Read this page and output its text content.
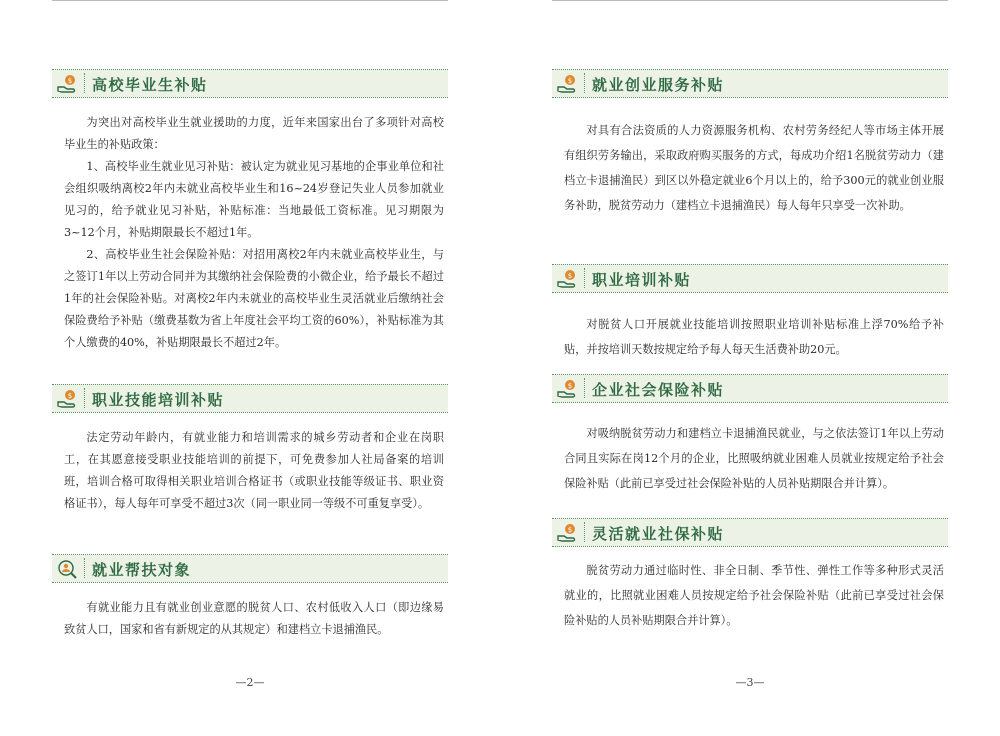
$ 高校毕业生补贴

为突出对高校毕业生就业援助的力度，近年来国家出台了多项针对高校毕业生的补贴政策：

1、高校毕业生就业见习补贴：被认定为就业见习基地的企事业单位和社会组织吸纳离校2年内未就业高校毕业生和16~24岁登记失业人员参加就业见习的，给予就业见习补贴，补贴标准：当地最低工资标准。见习期限为3~12个月，补贴期限最长不超过1年。

2、高校毕业生社会保险补贴：对招用离校2年内未就业高校毕业生，与之签订1年以上劳动合同并为其缴纳社会保险费的小微企业，给予最长不超过1年的社会保险补贴。对离校2年内未就业的高校毕业生灵活就业后缴纳社会保险费给予补贴（缴费基数为省上年度社会平均工资的60%），补贴标准为其个人缴费的40%，补贴期限最长不超过2年。

$ 职业技能培训补贴

法定劳动年龄内，有就业能力和培训需求的城乡劳动者和企业在岗职工，在其愿意接受职业技能培训的前提下，可免费参加人社局备案的培训班，培训合格可取得相关职业培训合格证书（或职业技能等级证书、职业资格证书），每人每年可享受不超过3次（同一职业同一等级不可重复享受）。

就业帮扶对象

有就业能力且有就业创业意愿的脱贫人口、农村低收入人口（即边缘易致贫人口，国家和省有新规定的从其规定）和建档立卡退捕渔民。

—2—
$ 就业创业服务补贴

对具有合法资质的人力资源服务机构、农村劳务经纪人等市场主体开展有组织劳务输出，采取政府购买服务的方式，每成功介绍1名脱贫劳动力（建档立卡退捕渔民）到区以外稳定就业6个月以上的，给予300元的就业创业服务补助，脱贫劳动力（建档立卡退捕渔民）每人每年只享受一次补助。

$ 职业培训补贴

对脱贫人口开展就业技能培训按照职业培训补贴标准上浮70%给予补贴，并按培训天数按规定给予每人每天生活费补助20元。

$ 企业社会保险补贴

对吸纳脱贫劳动力和建档立卡退捕渔民就业，与之依法签订1年以上劳动合同且实际在岗12个月的企业，比照吸纳就业困难人员就业按规定给予社会保险补贴（此前已享受过社会保险补贴的人员补贴期限合并计算）。

$ 灵活就业社保补贴

脱贫劳动力通过临时性、非全日制、季节性、弹性工作等多种形式灵活就业的，比照就业困难人员按规定给予社会保险补贴（此前已享受过社会保险补贴的人员补贴期限合并计算）。

—3—
